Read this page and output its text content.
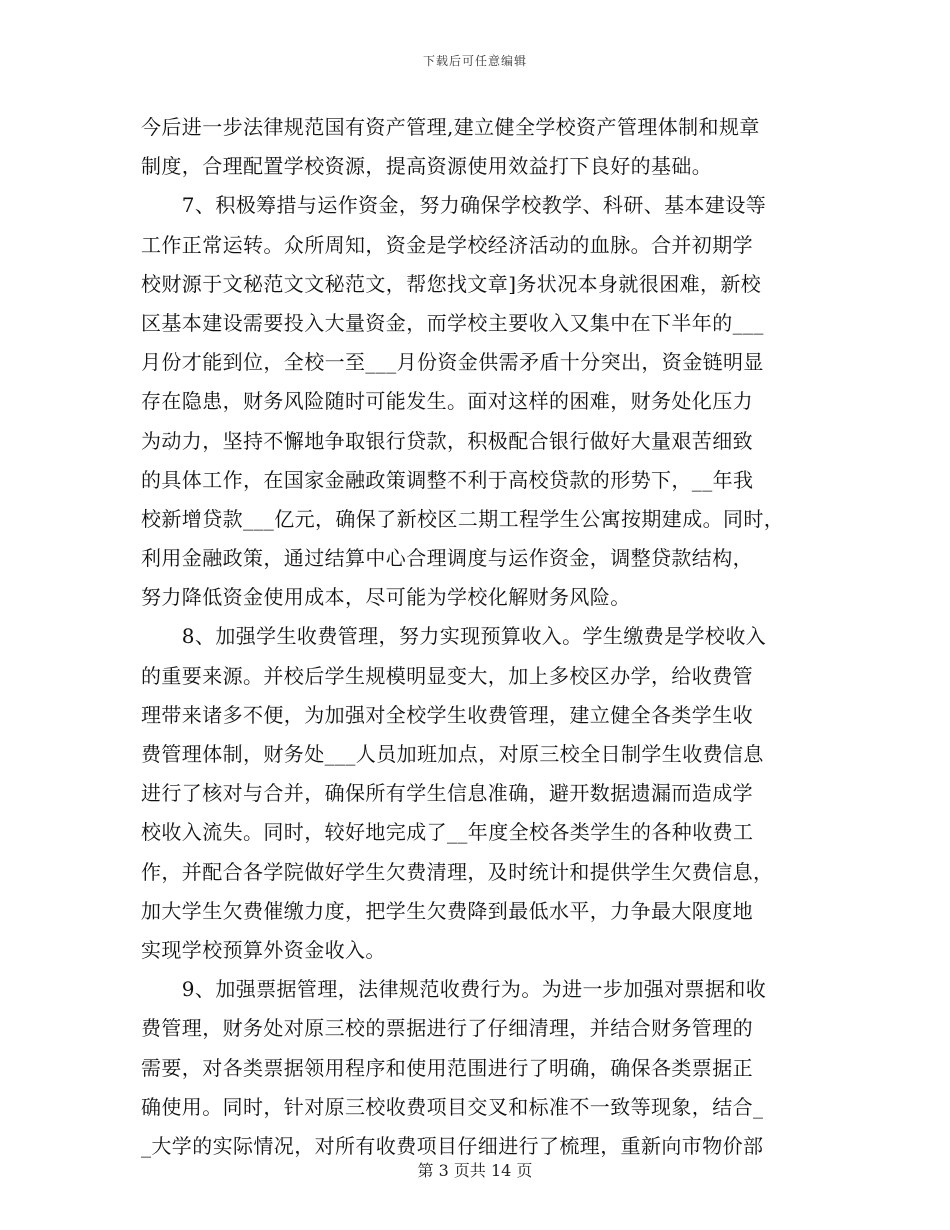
下载后可任意编辑
今后进一步法律规范国有资产管理,建立健全学校资产管理体制和规章
制度，合理配置学校资源，提高资源使用效益打下良好的基础。
　　7、积极筹措与运作资金，努力确保学校教学、科研、基本建设等
工作正常运转。众所周知，资金是学校经济活动的血脉。合并初期学
校财源于文秘范文文秘范文，帮您找文章]务状况本身就很困难，新校
区基本建设需要投入大量资金，而学校主要收入又集中在下半年的___
月份才能到位，全校一至___月份资金供需矛盾十分突出，资金链明显
存在隐患，财务风险随时可能发生。面对这样的困难，财务处化压力
为动力，坚持不懈地争取银行贷款，积极配合银行做好大量艰苦细致
的具体工作，在国家金融政策调整不利于高校贷款的形势下，__年我
校新增贷款___亿元，确保了新校区二期工程学生公寓按期建成。同时，
利用金融政策，通过结算中心合理调度与运作资金，调整贷款结构，
努力降低资金使用成本，尽可能为学校化解财务风险。
　　8、加强学生收费管理，努力实现预算收入。学生缴费是学校收入
的重要来源。并校后学生规模明显变大，加上多校区办学，给收费管
理带来诸多不便，为加强对全校学生收费管理，建立健全各类学生收
费管理体制，财务处___人员加班加点，对原三校全日制学生收费信息
进行了核对与合并，确保所有学生信息准确，避开数据遗漏而造成学
校收入流失。同时，较好地完成了__年度全校各类学生的各种收费工
作，并配合各学院做好学生欠费清理，及时统计和提供学生欠费信息，
加大学生欠费催缴力度，把学生欠费降到最低水平，力争最大限度地
实现学校预算外资金收入。
　　9、加强票据管理，法律规范收费行为。为进一步加强对票据和收
费管理，财务处对原三校的票据进行了仔细清理，并结合财务管理的
需要，对各类票据领用程序和使用范围进行了明确，确保各类票据正
确使用。同时，针对原三校收费项目交叉和标准不一致等现象，结合_
_大学的实际情况，对所有收费项目仔细进行了梳理，重新向市物价部
第 3 页共 14 页
